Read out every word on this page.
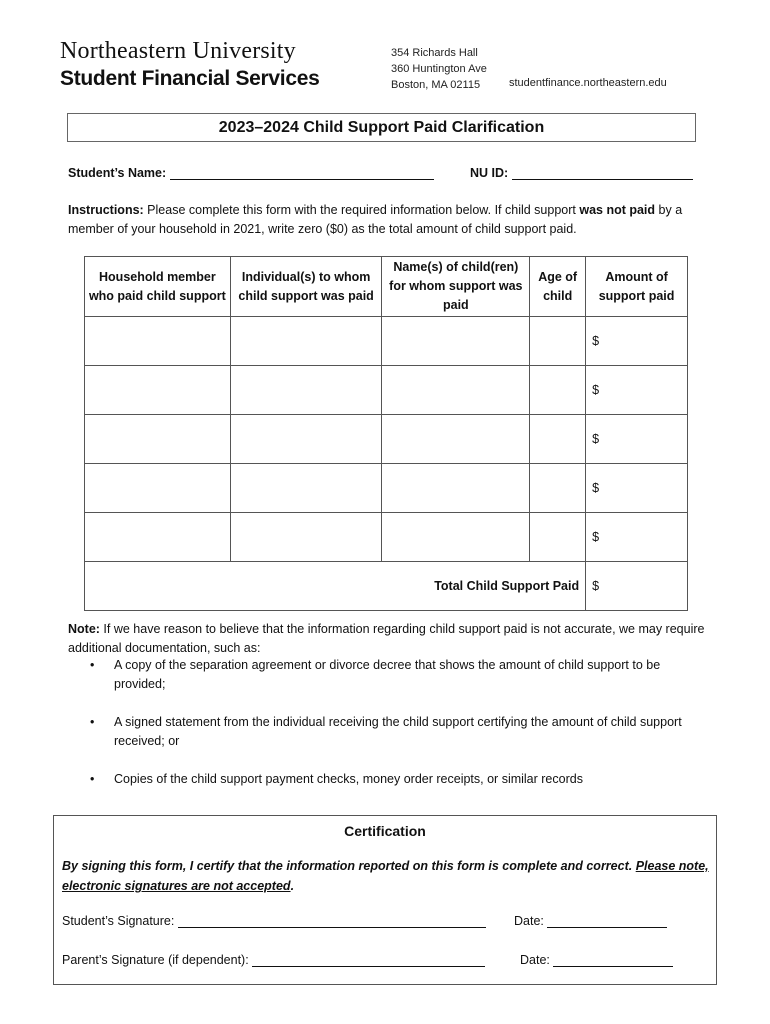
Northeastern University
Student Financial Services
354 Richards Hall
360 Huntington Ave
Boston, MA 02115	studentfinance.northeastern.edu
2023–2024 Child Support Paid Clarification
Student’s Name:	NU ID:
Instructions: Please complete this form with the required information below. If child support was not paid by a member of your household in 2021, write zero ($0) as the total amount of child support paid.
Household member who paid child support	Individual(s) to whom child support was paid	Name(s) of child(ren) for whom support was paid	Age of child	Amount of support paid
				$
				$
				$
				$
				$
Total Child Support Paid				$
Note: If we have reason to believe that the information regarding child support paid is not accurate, we may require additional documentation, such as:
• A copy of the separation agreement or divorce decree that shows the amount of child support to be provided;
• A signed statement from the individual receiving the child support certifying the amount of child support received; or
• Copies of the child support payment checks, money order receipts, or similar records
Certification
By signing this form, I certify that the information reported on this form is complete and correct. Please note, electronic signatures are not accepted.
Student’s Signature:	Date:
Parent’s Signature (if dependent):	Date:
